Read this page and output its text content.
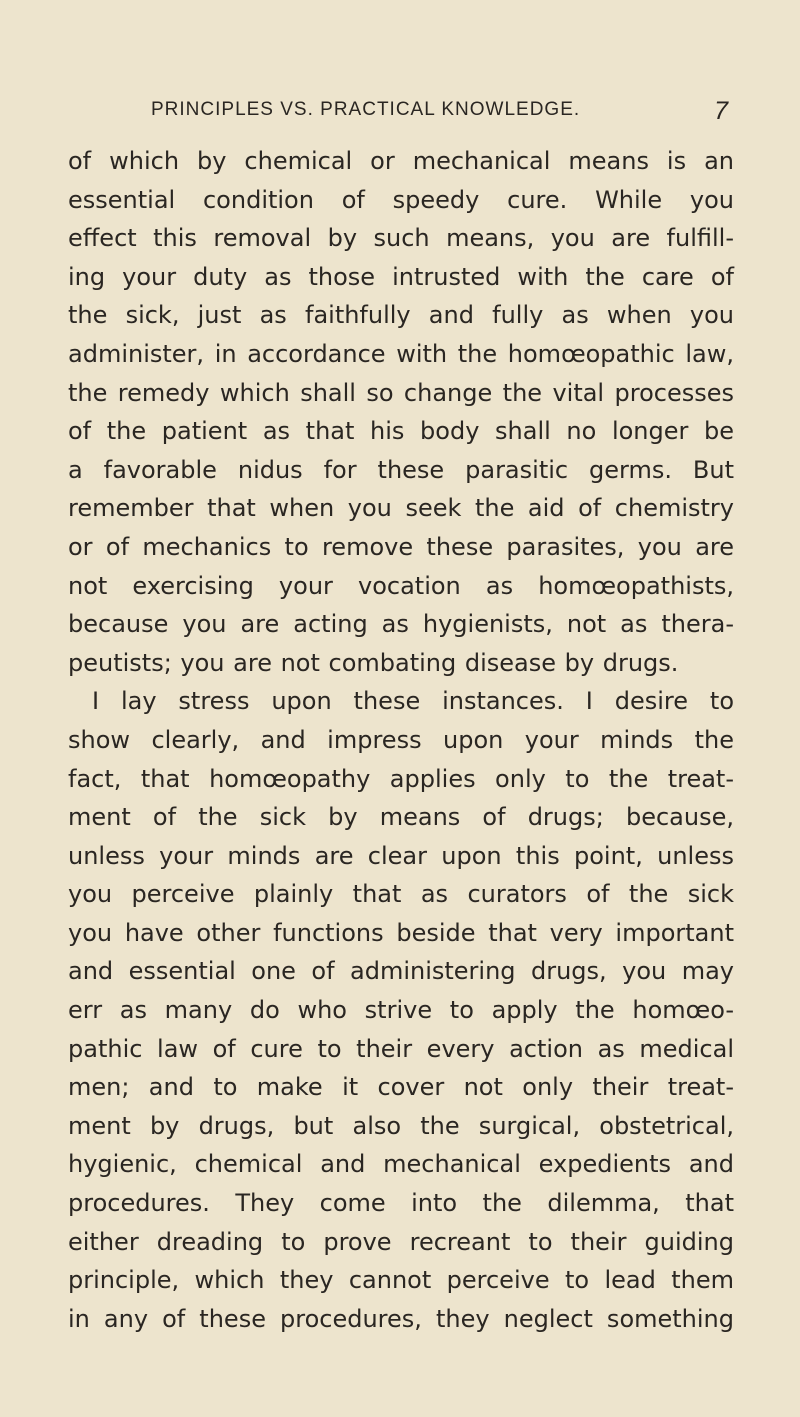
PRINCIPLES VS. PRACTICAL KNOWLEDGE.	7
of which by chemical or mechanical means is an
essential condition of speedy cure. While you
effect this removal by such means, you are fulfill-
ing your duty as those intrusted with the care of
the sick, just as faithfully and fully as when you
administer, in accordance with the homœopathic law,
the remedy which shall so change the vital processes
of the patient as that his body shall no longer be
a favorable nidus for these parasitic germs. But
remember that when you seek the aid of chemistry
or of mechanics to remove these parasites, you are
not exercising your vocation as homœopathists,
because you are acting as hygienists, not as thera-
peutists; you are not combating disease by drugs.
I lay stress upon these instances. I desire to
show clearly, and impress upon your minds the
fact, that homœopathy applies only to the treat-
ment of the sick by means of drugs; because,
unless your minds are clear upon this point, unless
you perceive plainly that as curators of the sick
you have other functions beside that very important
and essential one of administering drugs, you may
err as many do who strive to apply the homœo-
pathic law of cure to their every action as medical
men; and to make it cover not only their treat-
ment by drugs, but also the surgical, obstetrical,
hygienic, chemical and mechanical expedients and
procedures. They come into the dilemma, that
either dreading to prove recreant to their guiding
principle, which they cannot perceive to lead them
in any of these procedures, they neglect something
